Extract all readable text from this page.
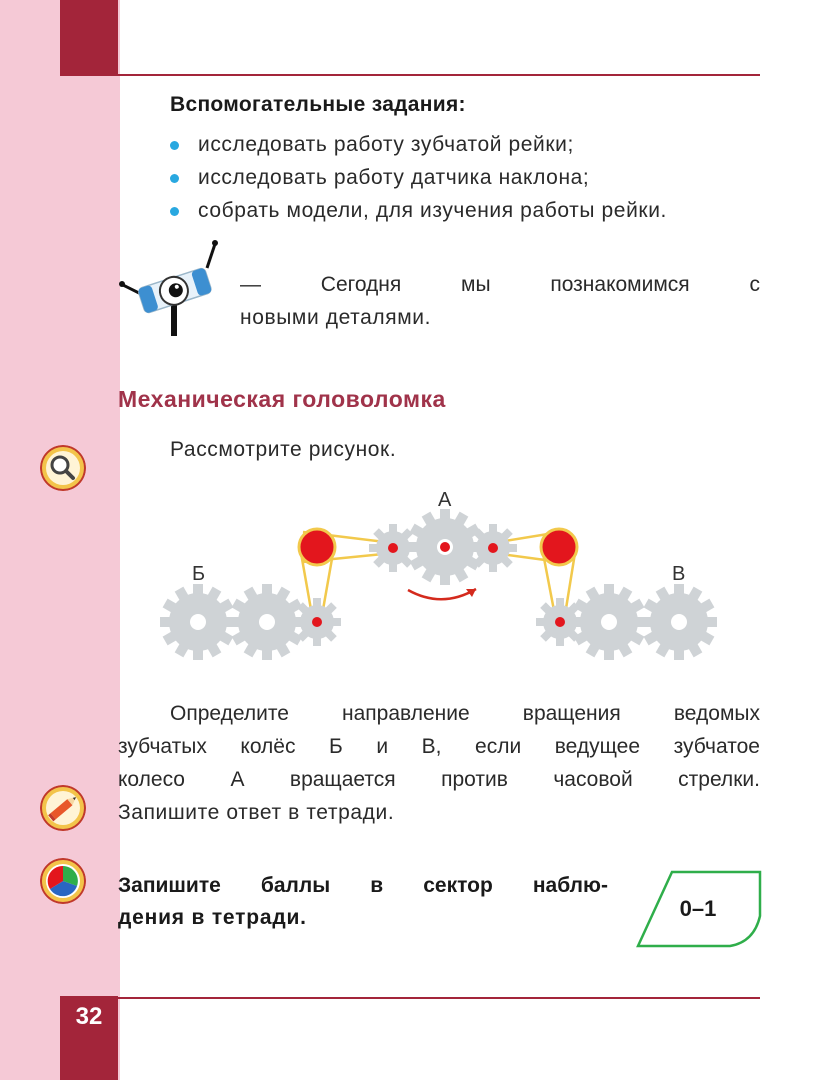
Вспомогательные задания:
исследовать работу зубчатой рейки;
исследовать работу датчика наклона;
собрать модели, для изучения работы рейки.
—	Сегодня	мы	познакомимся	с
новыми деталями.
Механическая головоломка
Рассмотрите рисунок.
А
Б	В
Определите	направление	вращения	ведомых
зубчатых колёс Б и В, если ведущее зубчатое
колесо А вращается против часовой стрелки.
Запишите ответ в тетради.
Запишите баллы в сектор наблю-
дения в тетради.	0–1
32
